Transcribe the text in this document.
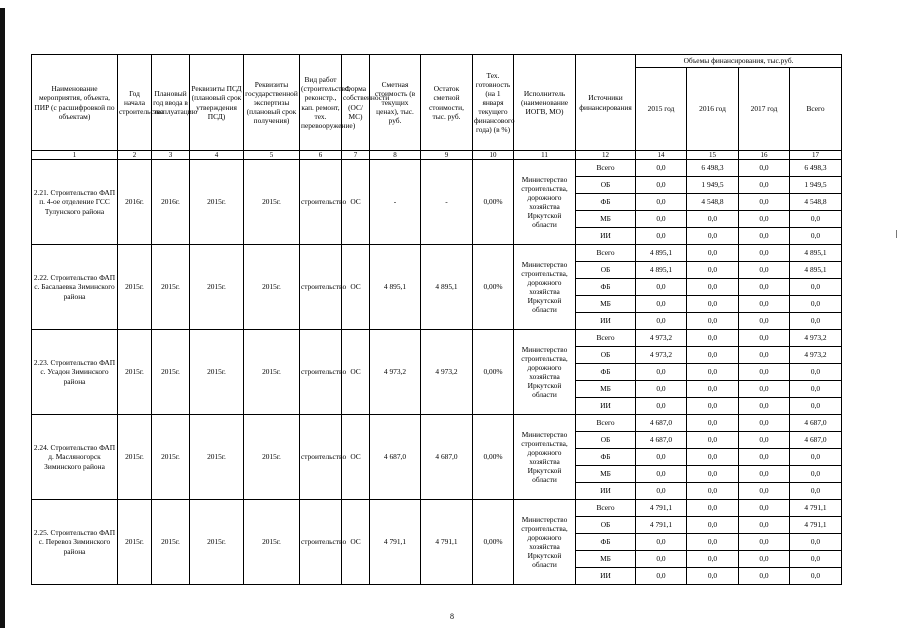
Наименование мероприятия, объекта, ПИР (с расшифровкой по объектам)	Год начала строительства	Плановый год ввода в эксплуатацию	Реквизиты ПСД (плановый срок утверждения ПСД)	Реквизиты государственной экспертизы (плановый срок получения)	Вид работ (строительство, реконстр., кап. ремонт, тех. перевооружение)	Форма собственности (ОС/МС)	Сметная стоимость (в текущих ценах), тыс. руб.	Остаток сметной стоимости, тыс. руб.	Тех. готовность (на 1 января текущего финансового года) (в %)	Исполнитель (наименование ИОГВ, МО)	Источники финансирования	Объемы финансирования, тыс.руб.			
												2015 год	2016 год	2017 год	Всего
1	2	3	4	5	6	7	8	9	10	11	12	14	15	16	17
2.21. Строительство ФАП п. 4-ое отделение ГСС Тулунского района	2016г.	2016г.	2015г.	2015г.	строительство	ОС	-	-	0,00%	Министерство строительства, дорожного хозяйства Иркутской области	Всего	0,0	6 498,3	0,0	6 498,3
											ОБ	0,0	1 949,5	0,0	1 949,5
											ФБ	0,0	4 548,8	0,0	4 548,8
											МБ	0,0	0,0	0,0	0,0
											ИИ	0,0	0,0	0,0	0,0
2.22. Строительство ФАП с. Басалаевка Зиминского района	2015г.	2015г.	2015г.	2015г.	строительство	ОС	4 895,1	4 895,1	0,00%	Министерство строительства, дорожного хозяйства Иркутской области	Всего	4 895,1	0,0	0,0	4 895,1
											ОБ	4 895,1	0,0	0,0	4 895,1
											ФБ	0,0	0,0	0,0	0,0
											МБ	0,0	0,0	0,0	0,0
											ИИ	0,0	0,0	0,0	0,0
2.23. Строительство ФАП с. Усадон Зиминского района	2015г.	2015г.	2015г.	2015г.	строительство	ОС	4 973,2	4 973,2	0,00%	Министерство строительства, дорожного хозяйства Иркутской области	Всего	4 973,2	0,0	0,0	4 973,2
											ОБ	4 973,2	0,0	0,0	4 973,2
											ФБ	0,0	0,0	0,0	0,0
											МБ	0,0	0,0	0,0	0,0
											ИИ	0,0	0,0	0,0	0,0
2.24. Строительство ФАП д. Масляногорск Зиминского района	2015г.	2015г.	2015г.	2015г.	строительство	ОС	4 687,0	4 687,0	0,00%	Министерство строительства, дорожного хозяйства Иркутской области	Всего	4 687,0	0,0	0,0	4 687,0
											ОБ	4 687,0	0,0	0,0	4 687,0
											ФБ	0,0	0,0	0,0	0,0
											МБ	0,0	0,0	0,0	0,0
											ИИ	0,0	0,0	0,0	0,0
2.25. Строительство ФАП с. Перевоз Зиминского района	2015г.	2015г.	2015г.	2015г.	строительство	ОС	4 791,1	4 791,1	0,00%	Министерство строительства, дорожного хозяйства Иркутской области	Всего	4 791,1	0,0	0,0	4 791,1
											ОБ	4 791,1	0,0	0,0	4 791,1
											ФБ	0,0	0,0	0,0	0,0
											МБ	0,0	0,0	0,0	0,0
											ИИ	0,0	0,0	0,0	0,0
8
